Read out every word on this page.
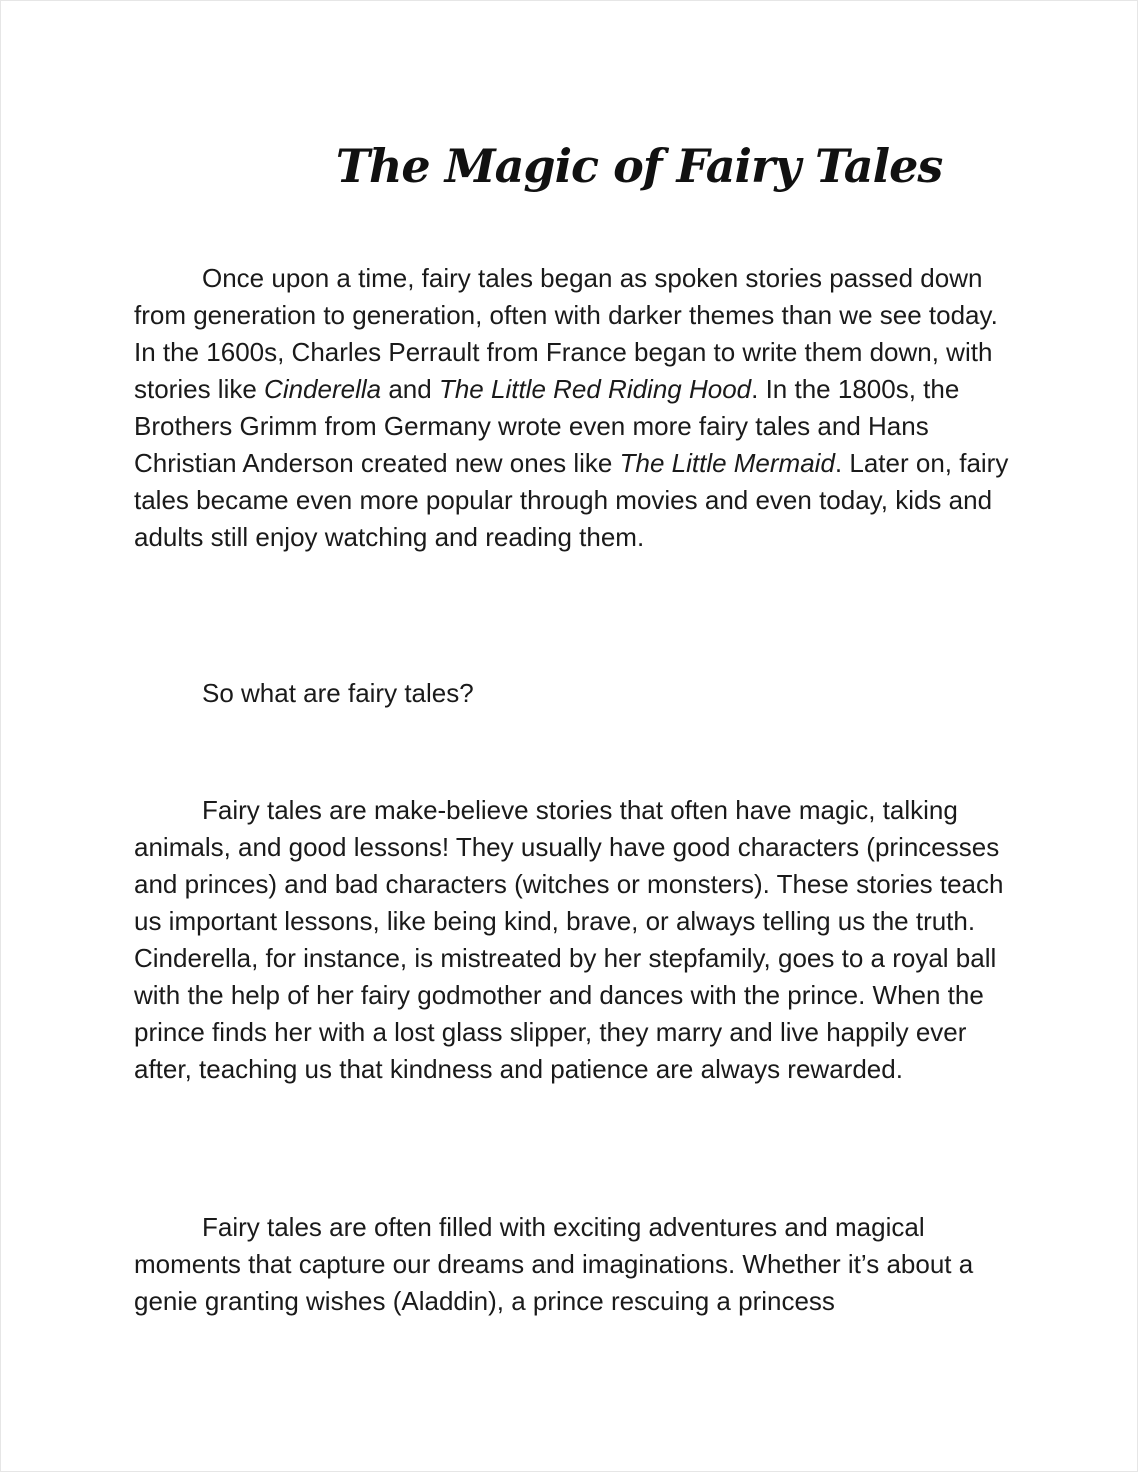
The Magic of Fairy Tales

Once upon a time, fairy tales began as spoken stories passed down from generation to generation, often with darker themes than we see today. In the 1600s, Charles Perrault from France began to write them down, with stories like Cinderella and The Little Red Riding Hood. In the 1800s, the Brothers Grimm from Germany wrote even more fairy tales and Hans Christian Anderson created new ones like The Little Mermaid. Later on, fairy tales became even more popular through movies and even today, kids and adults still enjoy watching and reading them.

So what are fairy tales?

Fairy tales are make-believe stories that often have magic, talking animals, and good lessons! They usually have good characters (princesses and princes) and bad characters (witches or monsters). These stories teach us important lessons, like being kind, brave, or always telling us the truth. Cinderella, for instance, is mistreated by her stepfamily, goes to a royal ball with the help of her fairy godmother and dances with the prince. When the prince finds her with a lost glass slipper, they marry and live happily ever after, teaching us that kindness and patience are always rewarded.

Fairy tales are often filled with exciting adventures and magical moments that capture our dreams and imaginations. Whether it’s about a genie granting wishes (Aladdin), a prince rescuing a princess
